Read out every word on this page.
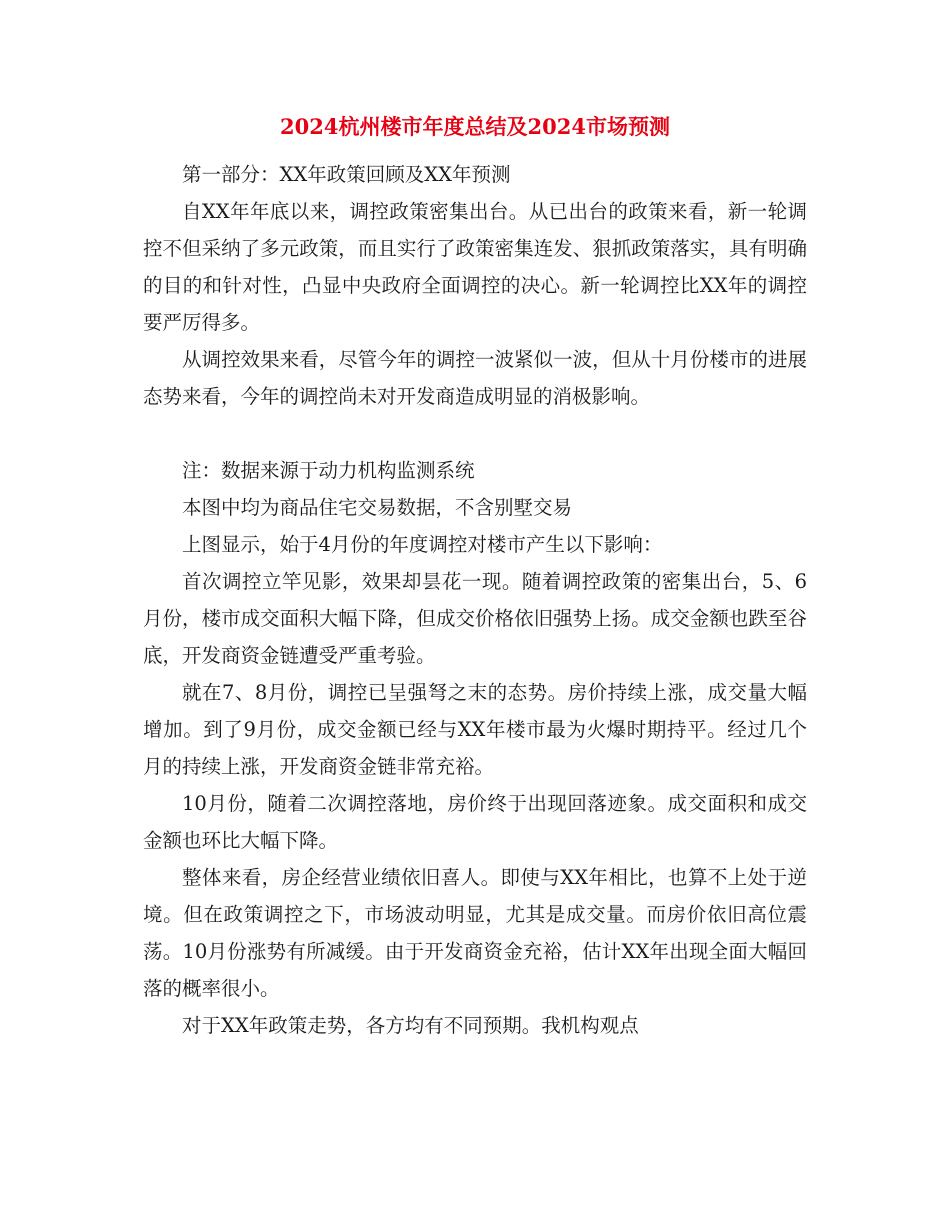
2024杭州楼市年度总结及2024市场预测

第一部分：XX年政策回顾及XX年预测

自XX年年底以来，调控政策密集出台。从已出台的政策来看，新一轮调控不但采纳了多元政策，而且实行了政策密集连发、狠抓政策落实，具有明确的目的和针对性，凸显中央政府全面调控的决心。新一轮调控比XX年的调控要严厉得多。

从调控效果来看，尽管今年的调控一波紧似一波，但从十月份楼市的进展态势来看，今年的调控尚未对开发商造成明显的消极影响。

注：数据来源于动力机构监测系统

本图中均为商品住宅交易数据，不含别墅交易

上图显示，始于4月份的年度调控对楼市产生以下影响：

首次调控立竿见影，效果却昙花一现。随着调控政策的密集出台，5、6月份，楼市成交面积大幅下降，但成交价格依旧强势上扬。成交金额也跌至谷底，开发商资金链遭受严重考验。

就在7、8月份，调控已呈强弩之末的态势。房价持续上涨，成交量大幅增加。到了9月份，成交金额已经与XX年楼市最为火爆时期持平。经过几个月的持续上涨，开发商资金链非常充裕。

10月份，随着二次调控落地，房价终于出现回落迹象。成交面积和成交金额也环比大幅下降。

整体来看，房企经营业绩依旧喜人。即使与XX年相比，也算不上处于逆境。但在政策调控之下，市场波动明显，尤其是成交量。而房价依旧高位震荡。10月份涨势有所减缓。由于开发商资金充裕，估计XX年出现全面大幅回落的概率很小。

对于XX年政策走势，各方均有不同预期。我机构观点
